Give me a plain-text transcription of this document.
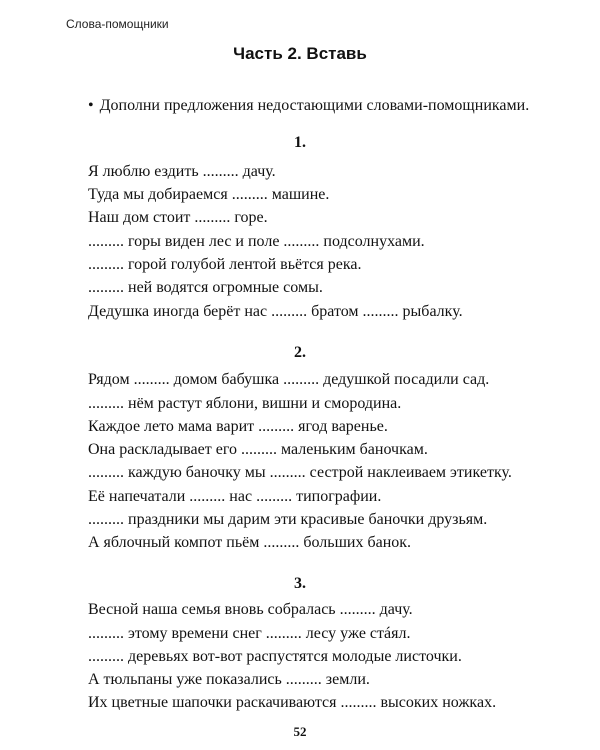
Слова-помощники
Часть 2. Вставь
• Дополни предложения недостающими словами-помощниками.
1.
Я люблю ездить ......... дачу.
Туда мы добираемся ......... машине.
Наш дом стоит ......... горе.
......... горы виден лес и поле ......... подсолнухами.
......... горой голубой лентой вьётся река.
......... ней водятся огромные сомы.
Дедушка иногда берёт нас ......... братом ......... рыбалку.
2.
Рядом ......... домом бабушка ......... дедушкой посадили сад.
......... нём растут яблони, вишни и смородина.
Каждое лето мама варит ......... ягод варенье.
Она раскладывает его ......... маленьким баночкам.
......... каждую баночку мы ......... сестрой наклеиваем этикетку.
Её напечатали ......... нас ......... типографии.
......... праздники мы дарим эти красивые баночки друзьям.
А яблочный компот пьём ......... больших банок.
3.
Весной наша семья вновь собралась ......... дачу.
......... этому времени снег ......... лесу уже стáял.
......... деревьях вот-вот распустятся молодые листочки.
А тюльпаны уже показались ......... земли.
Их цветные шапочки раскачиваются ......... высоких ножках.
52
